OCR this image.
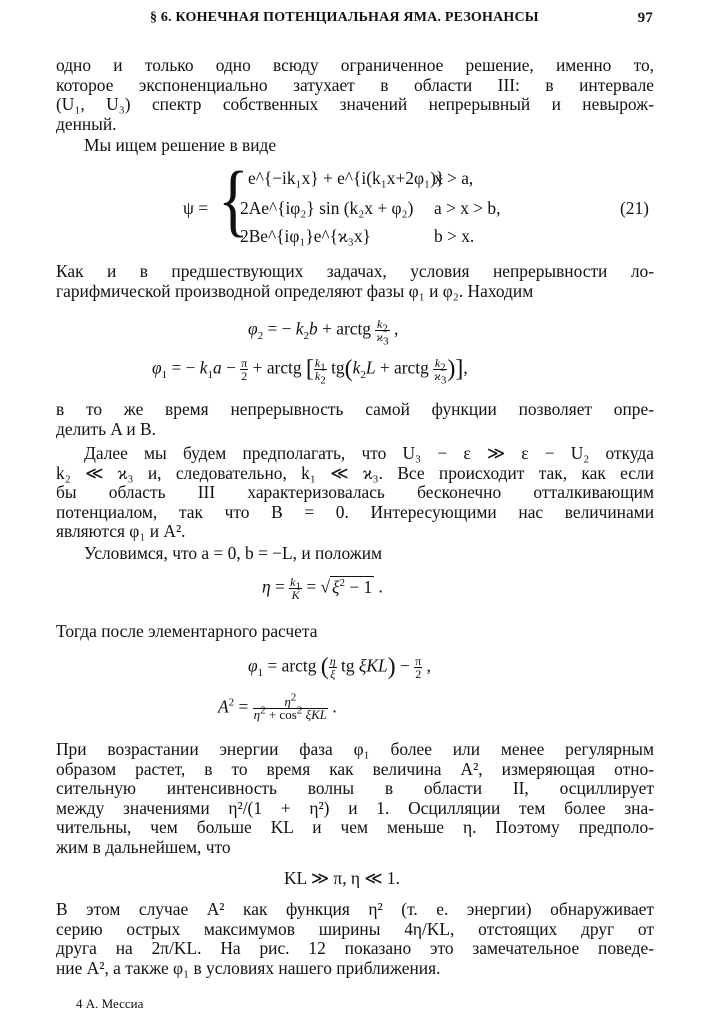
§ 6. КОНЕЧНАЯ ПОТЕНЦИАЛЬНАЯ ЯМА. РЕЗОНАНСЫ	97
одно и только одно всюду ограниченное решение, именно то,
которое экспоненциально затухает в области III: в интервале
(U₁, U₃) спектр собственных значений непрерывный и невырож-
денный.
Мы ищем решение в виде
ψ = { e^{−ik₁x} + e^{i(k₁x+2φ₁)}
x > a,
2Ae^{iφ₂} sin (k₂x + φ₂) a > x > b,
2Be^{iφ₁}e^{ϰ₃x}	b > x.
(21)
Как и в предшествующих задачах, условия непрерывности ло-
гарифмической производной определяют фазы φ₁ и φ₂. Находим
$\varphi_2$ = − $k_2b$ + arctg $\frac{k_2}{ϰ_3}$ ,
$\varphi_1$ = − $k_1a - \frac{\pi}{2}$ + arctg [ $\frac{k_1}{k_2} tg(k_2L$ + arctg $\frac{k_2}{ϰ_3}$ )],
в то же время непрерывность самой функции позволяет опре-
делить A и B.
Далее мы будем предполагать, что U₃ − ε ≫ ε − U₂ откуда
k₂ ≪ ϰ₃ и, следовательно, k₁ ≪ ϰ₃. Все происходит так, как если
бы область III характеризовалась бесконечно отталкивающим
потенциалом, так что B = 0. Интересующими нас величинами
являются φ₁ и A².
Условимся, что a = 0, b = −L, и положим
$\eta = \frac{k_1}{K}$ = √ $\xi^2 - 1$ .
Тогда после элементарного расчета
$\varphi_1$ = arctg ( $\frac{\eta}{\xi}$ tg $\xi KL) - \frac{\pi}{2}$ ,
$A^2 = \frac{\eta^2}{\eta^2 + \cos^2 \xi KL}$ .
При возрастании энергии фаза φ₁ более или менее регулярным
образом растет, в то время как величина A², измеряющая отно-
сительную интенсивность волны в области II, осциллирует
между значениями η²/(1 + η²) и 1. Осцилляции тем более зна-
чительны, чем больше KL и чем меньше η. Поэтому предполо-
жим в дальнейшем, что
KL ≫ π, η ≪ 1.
В этом случае A² как функция η² (т. е. энергии) обнаруживает
серию острых максимумов ширины 4η/KL, отстоящих друг от
друга на 2π/KL. На рис. 12 показано это замечательное поведе-
ние A², а также φ₁ в условиях нашего приближения.
4 А. Мессиа
